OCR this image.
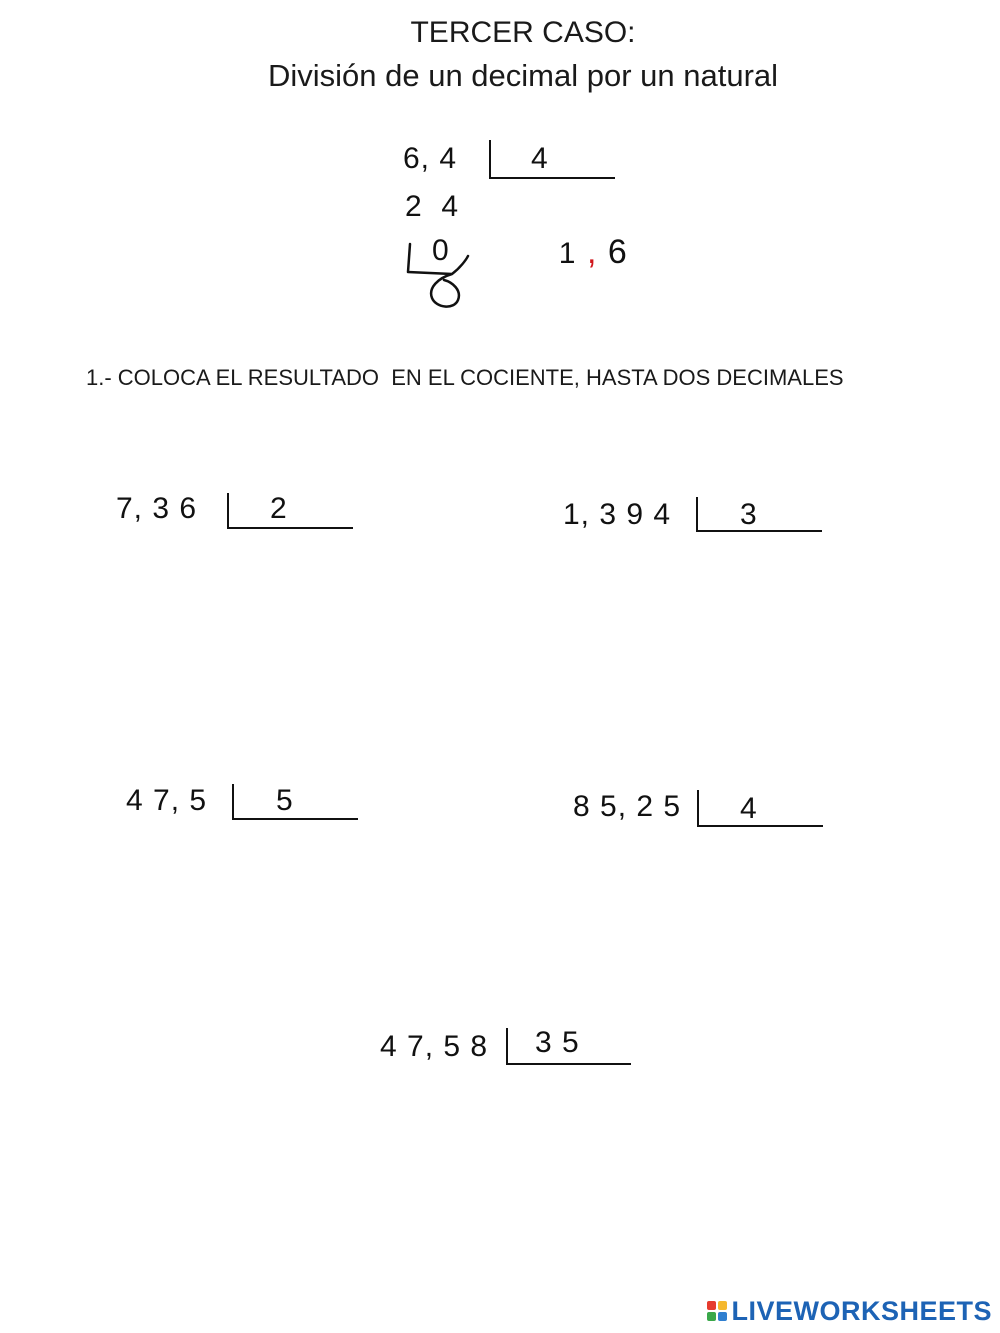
TERCER CASO:
División de un decimal por un natural
6, 4 4
2  4

1 , 6

0
1.- COLOCA EL RESULTADO  EN EL COCIENTE, HASTA DOS DECIMALES
7, 3 6 2	1, 3 9 4 3
4 7, 5 5	8 5, 2 5 4
4 7, 5 8 3 5
LIVEWORKSHEETS
